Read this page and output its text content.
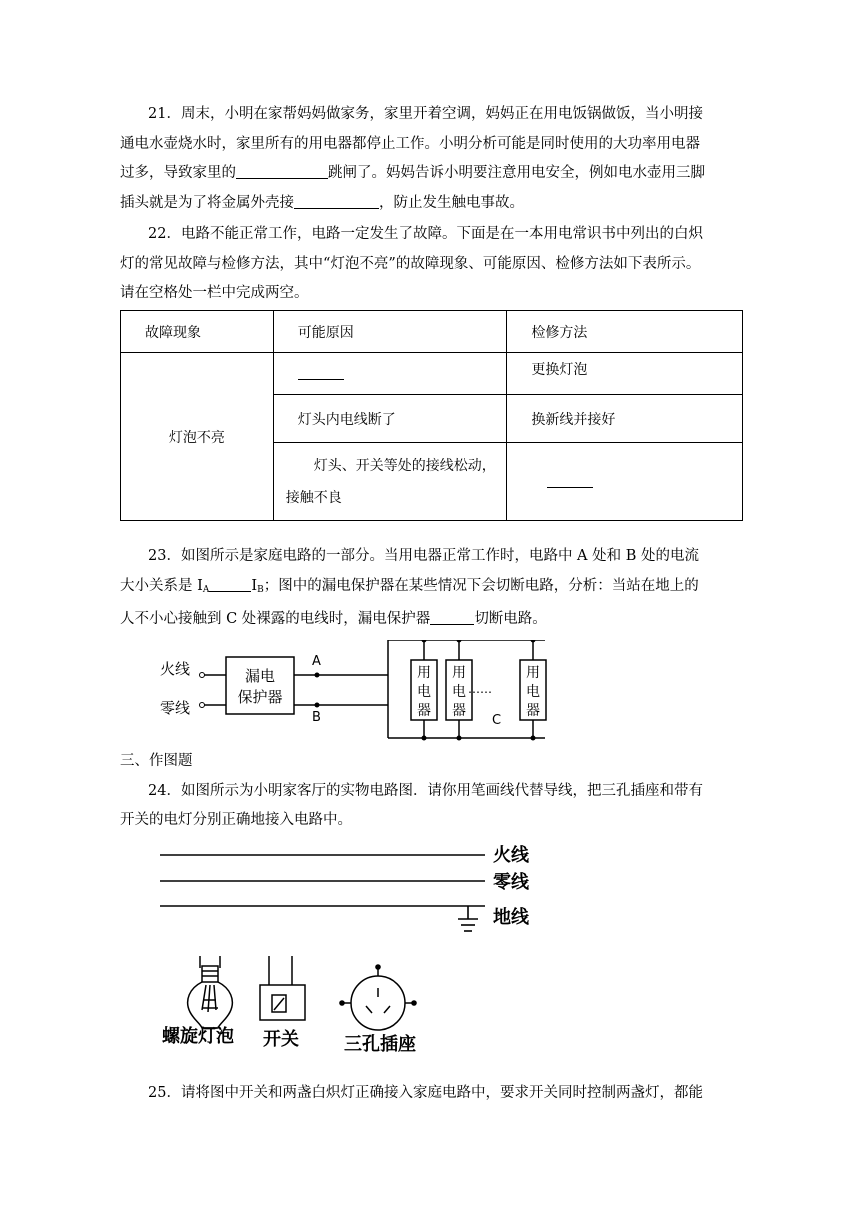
21．周末，小明在家帮妈妈做家务，家里开着空调，妈妈正在用电饭锅做饭，当小明接
通电水壶烧水时，家里所有的用电器都停止工作。小明分析可能是同时使用的大功率用电器
过多，导致家里的	跳闸了。妈妈告诉小明要注意用电安全，例如电水壶用三脚
插头就是为了将金属外壳接	，防止发生触电事故。
22．电路不能正常工作，电路一定发生了故障。下面是在一本用电常识书中列出的白炽
灯的常见故障与检修方法，其中“灯泡不亮”的故障现象、可能原因、检修方法如下表所示。
请在空格处一栏中完成两空。
故障现象	可能原因	检修方法

灯泡不亮		更换灯泡

	灯头内电线断了	换新线并接好

	灯头、开关等处的接线松动，
接触不良	

23．如图所示是家庭电路的一部分。当用电器正常工作时，电路中 A 处和 B 处的电流
大小关系是 $I_A$	$I_B$；图中的漏电保护器在某些情况下会切断电路，分析：当站在地上的
人不小心接触到 C 处裸露的电线时，漏电保护器	切断电路。
火线
零线
漏电
保护器
A
B	C
……
用
电
器
用
电
器
用
电
器
三、作图题
24．如图所示为小明家客厅的实物电路图．请你用笔画线代替导线，把三孔插座和带有
开关的电灯分别正确地接入电路中。
火线
零线
地线
螺旋灯泡 开关	三孔插座
25．请将图中开关和两盏白炽灯正确接入家庭电路中，要求开关同时控制两盏灯，都能
